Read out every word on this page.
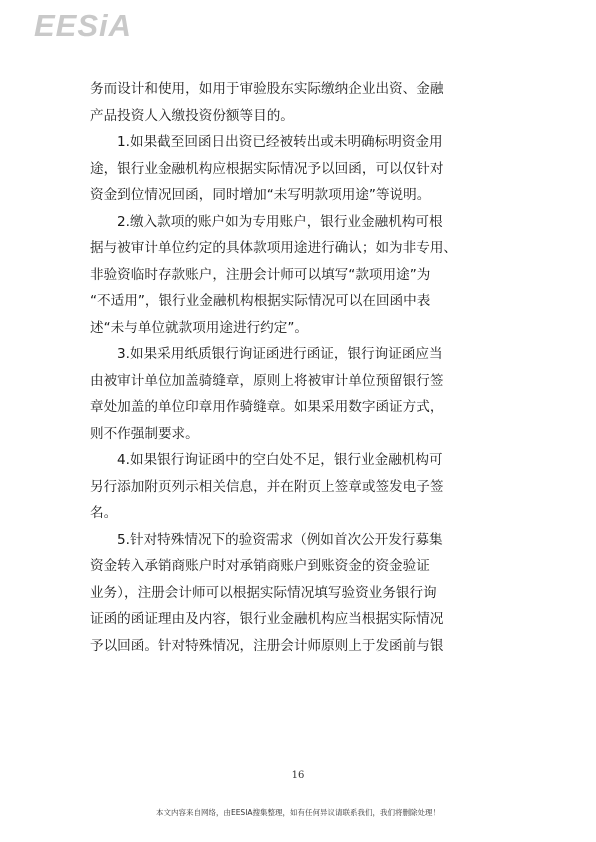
EESiA

务而设计和使用，如用于审验股东实际缴纳企业出资、金融
产品投资人入缴投资份额等目的。

1.如果截至回函日出资已经被转出或未明确标明资金用
途，银行业金融机构应根据实际情况予以回函，可以仅针对
资金到位情况回函，同时增加“未写明款项用途”等说明。

2.缴入款项的账户如为专用账户，银行业金融机构可根
据与被审计单位约定的具体款项用途进行确认；如为非专用、
非验资临时存款账户，注册会计师可以填写“款项用途”为
“不适用”，银行业金融机构根据实际情况可以在回函中表
述“未与单位就款项用途进行约定”。

3.如果采用纸质银行询证函进行函证，银行询证函应当
由被审计单位加盖骑缝章，原则上将被审计单位预留银行签
章处加盖的单位印章用作骑缝章。如果采用数字函证方式，
则不作强制要求。

4.如果银行询证函中的空白处不足，银行业金融机构可
另行添加附页列示相关信息，并在附页上签章或签发电子签
名。

5.针对特殊情况下的验资需求（例如首次公开发行募集
资金转入承销商账户时对承销商账户到账资金的资金验证
业务），注册会计师可以根据实际情况填写验资业务银行询
证函的函证理由及内容，银行业金融机构应当根据实际情况
予以回函。针对特殊情况，注册会计师原则上于发函前与银

16
本文内容来自网络，由EESIA搜集整理，如有任何异议请联系我们，我们将删除处理！
